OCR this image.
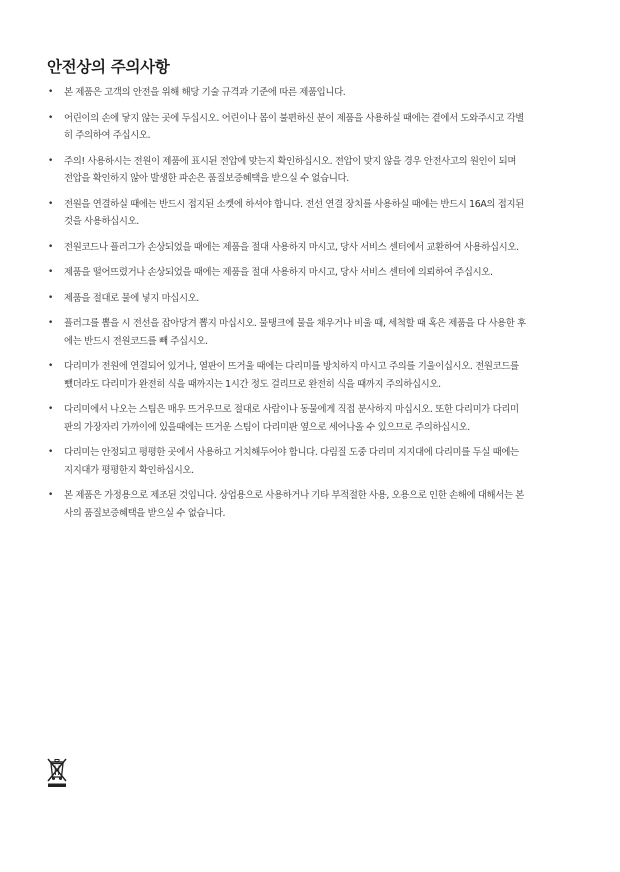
안전상의 주의사항
• 본 제품은 고객의 안전을 위해 해당 기술 규격과 기준에 따른 제품입니다.
• 어린이의 손에 닿지 않는 곳에 두십시오. 어린이나 몸이 불편하신 분이 제품을 사용하실 때에는 곁에서 도와주시고 각별히 주의하여 주십시오.
• 주의! 사용하시는 전원이 제품에 표시된 전압에 맞는지 확인하십시오. 전압이 맞지 않을 경우 안전사고의 원인이 되며 전압을 확인하지 않아 발생한 파손은 품질보증혜택을 받으실 수 없습니다.
• 전원을 연결하실 때에는 반드시 접지된 소켓에 하셔야 합니다. 전선 연결 장치를 사용하실 때에는 반드시 16A의 접지된 것을 사용하십시오.
• 전원코드나 플러그가 손상되었을 때에는 제품을 절대 사용하지 마시고, 당사 서비스 센터에서 교환하여 사용하십시오.
• 제품을 떨어뜨렸거나 손상되었을 때에는 제품을 절대 사용하지 마시고, 당사 서비스 센터에 의뢰하여 주십시오.
• 제품을 절대로 물에 넣지 마십시오.
• 플러그를 뽑을 시 전선을 잡아당겨 뽑지 마십시오. 물탱크에 물을 채우거나 비울 때, 세척할 때 혹은 제품을 다 사용한 후에는 반드시 전원코드를 빼 주십시오.
• 다리미가 전원에 연결되어 있거나, 열판이 뜨거울 때에는 다리미를 방치하지 마시고 주의를 기울이십시오. 전원코드를 뺐더라도 다리미가 완전히 식을 때까지는 1시간 정도 걸리므로 완전히 식을 때까지 주의하십시오.
• 다리미에서 나오는 스팀은 매우 뜨거우므로 절대로 사람이나 동물에게 직접 분사하지 마십시오. 또한 다리미가 다리미 판의 가장자리 가까이에 있을때에는 뜨거운 스팀이 다리미판 옆으로 세어나올 수 있으므로 주의하십시오.
• 다리미는 안정되고 평평한 곳에서 사용하고 거치해두어야 합니다. 다림질 도중 다리미 지지대에 다리미를 두실 때에는 지지대가 평평한지 확인하십시오.
• 본 제품은 가정용으로 제조된 것입니다. 상업용으로 사용하거나 기타 부적절한 사용, 오용으로 인한 손해에 대해서는 본사의 품질보증혜택을 받으실 수 없습니다.
